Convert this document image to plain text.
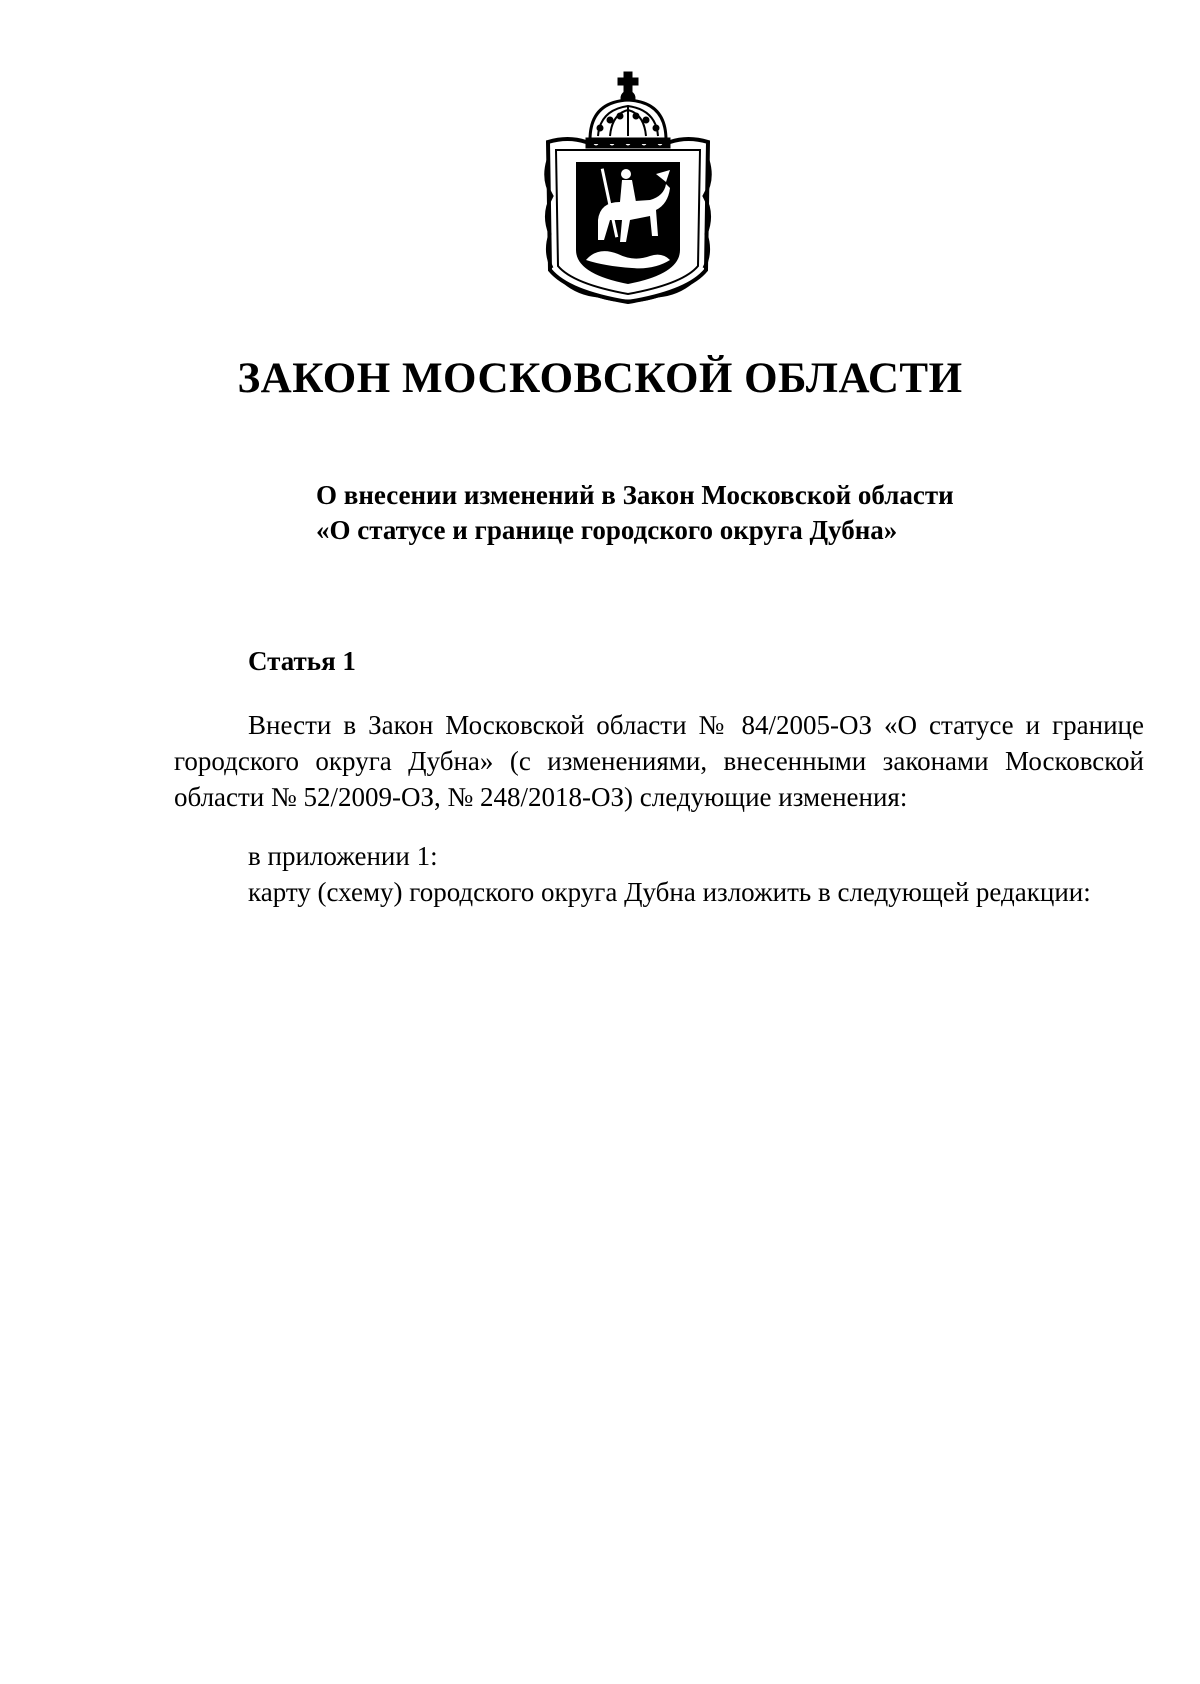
ЗАКОН МОСКОВСКОЙ ОБЛАСТИ
О внесении изменений в Закон Московской области
«О статусе и границе городского округа Дубна»
Статья 1
Внести в Закон Московской области № 84/2005-ОЗ «О статусе и границе
городского округа Дубна» (с изменениями, внесенными законами Московской
области № 52/2009-ОЗ, № 248/2018-ОЗ) следующие изменения:
в приложении 1:
карту (схему) городского округа Дубна изложить в следующей редакции:
